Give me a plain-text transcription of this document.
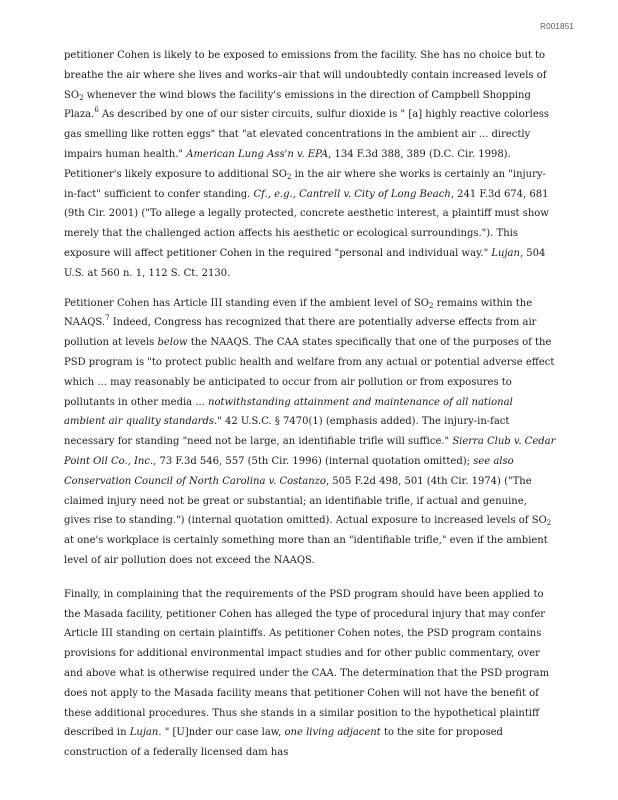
R001851

petitioner Cohen is likely to be exposed to emissions from the facility. She has no choice but to breathe the air where she lives and works–air that will undoubtedly contain increased levels of $SO_2$ whenever the wind blows the facility's emissions in the direction of Campbell Shopping Plaza.$^6$ As described by one of our sister circuits, sulfur dioxide is " [a] highly reactive colorless gas smelling like rotten eggs" that "at elevated concentrations in the ambient air ... directly impairs human health." American Lung Ass'n v. EPA, 134 F.3d 388, 389 (D.C. Cir. 1998). Petitioner's likely exposure to additional $SO_2$ in the air where she works is certainly an "injury-in-fact" sufficient to confer standing. Cf., e.g., Cantrell v. City of Long Beach, 241 F.3d 674, 681 (9th Cir. 2001) ("To allege a legally protected, concrete aesthetic interest, a plaintiff must show merely that the challenged action affects his aesthetic or ecological surroundings."). This exposure will affect petitioner Cohen in the required "personal and individual way." Lujan, 504 U.S. at 560 n. 1, 112 S. Ct. 2130.

Petitioner Cohen has Article III standing even if the ambient level of $SO_2$ remains within the NAAQS.$^7$ Indeed, Congress has recognized that there are potentially adverse effects from air pollution at levels below the NAAQS. The CAA states specifically that one of the purposes of the PSD program is "to protect public health and welfare from any actual or potential adverse effect which ... may reasonably be anticipated to occur from air pollution or from exposures to pollutants in other media ... notwithstanding attainment and maintenance of all national ambient air quality standards." 42 U.S.C. § 7470(1) (emphasis added). The injury-in-fact necessary for standing "need not be large, an identifiable trifle will suffice." Sierra Club v. Cedar Point Oil Co., Inc., 73 F.3d 546, 557 (5th Cir. 1996) (internal quotation omitted); see also Conservation Council of North Carolina v. Costanzo, 505 F.2d 498, 501 (4th Cir. 1974) ("The claimed injury need not be great or substantial; an identifiable trifle, if actual and genuine, gives rise to standing.") (internal quotation omitted). Actual exposure to increased levels of $SO_2$ at one's workplace is certainly something more than an "identifiable trifle," even if the ambient level of air pollution does not exceed the NAAQS.

Finally, in complaining that the requirements of the PSD program should have been applied to the Masada facility, petitioner Cohen has alleged the type of procedural injury that may confer Article III standing on certain plaintiffs. As petitioner Cohen notes, the PSD program contains provisions for additional environmental impact studies and for other public commentary, over and above what is otherwise required under the CAA. The determination that the PSD program does not apply to the Masada facility means that petitioner Cohen will not have the benefit of these additional procedures. Thus she stands in a similar position to the hypothetical plaintiff described in Lujan. " [U]nder our case law, one living adjacent to the site for proposed construction of a federally licensed dam has
